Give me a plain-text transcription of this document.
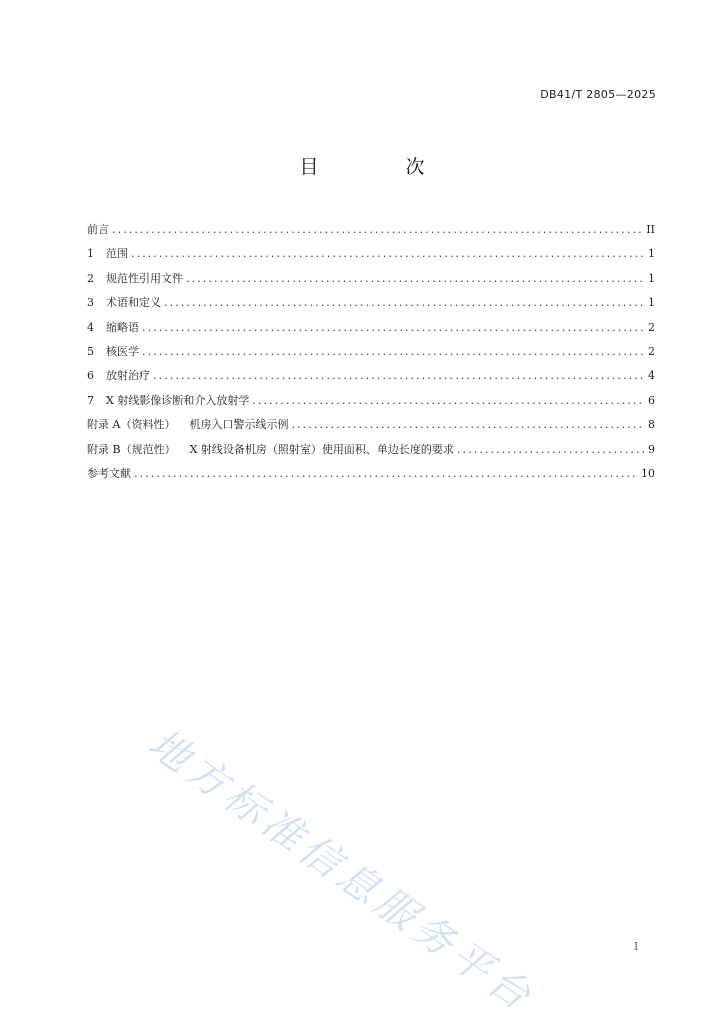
DB41/T 2805—2025
目　次
前言 .....	II
1	范围 .....	1
2	规范性引用文件 .....	1
3	术语和定义 .....	1
4	缩略语 .....	2
5	核医学 .....	2
6	放射治疗 .....	4
7	X 射线影像诊断和介入放射学 .....	6
附录 A（资料性） 机房入口警示线示例 .....	8
附录 B（规范性） X 射线设备机房（照射室）使用面积、单边长度的要求 .....	9
参考文献 .....	10
地方标准信息服务平台	I
